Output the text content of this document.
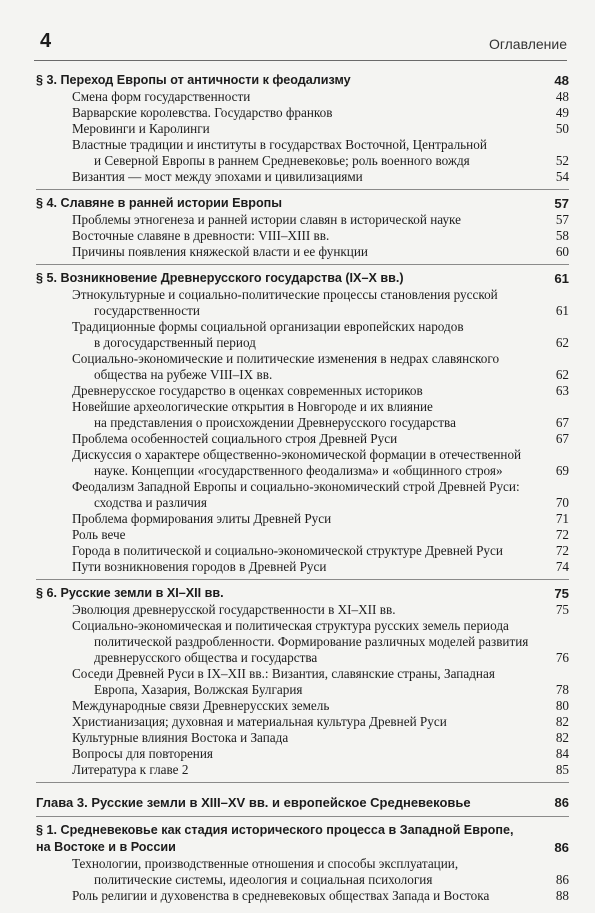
4	Оглавление
§ 3. Переход Европы от античности к феодализму	48
Смена форм государственности	48
Варварские королевства. Государство франков	49
Меровинги и Каролинги	50
Властные традиции и институты в государствах Восточной, Центральной
и Северной Европы в раннем Средневековье; роль военного вождя	52
Византия — мост между эпохами и цивилизациями	54
§ 4. Славяне в ранней истории Европы	57
Проблемы этногенеза и ранней истории славян в исторической науке	57
Восточные славяне в древности: VIII–XIII вв.	58
Причины появления княжеской власти и ее функции	60
§ 5. Возникновение Древнерусского государства (IX–X вв.)	61
Этнокультурные и социально-политические процессы становления русской
государственности	61
Традиционные формы социальной организации европейских народов
в догосударственный период	62
Социально-экономические и политические изменения в недрах славянского
общества на рубеже VIII–IX вв.	62
Древнерусское государство в оценках современных историков	63
Новейшие археологические открытия в Новгороде и их влияние
на представления о происхождении Древнерусского государства	67
Проблема особенностей социального строя Древней Руси	67
Дискуссия о характере общественно-экономической формации в отечественной
науке. Концепции «государственного феодализма» и «общинного строя»	69
Феодализм Западной Европы и социально-экономический строй Древней Руси:
сходства и различия	70
Проблема формирования элиты Древней Руси	71
Роль вече	72
Города в политической и социально-экономической структуре Древней Руси	72
Пути возникновения городов в Древней Руси	74
§ 6. Русские земли в XI–XII вв.	75
Эволюция древнерусской государственности в XI–XII вв.	75
Социально-экономическая и политическая структура русских земель периода
политической раздробленности. Формирование различных моделей развития
древнерусского общества и государства	76
Соседи Древней Руси в IX–XII вв.: Византия, славянские страны, Западная
Европа, Хазария, Волжская Булгария	78
Международные связи Древнерусских земель	80
Христианизация; духовная и материальная культура Древней Руси	82
Культурные влияния Востока и Запада	82
Вопросы для повторения	84
Литература к главе 2	85
Глава 3. Русские земли в XIII–XV вв. и европейское Средневековье	86
§ 1. Средневековье как стадия исторического процесса в Западной Европе,
на Востоке и в России	86
Технологии, производственные отношения и способы эксплуатации,
политические системы, идеология и социальная психология	86
Роль религии и духовенства в средневековых обществах Запада и Востока	88
